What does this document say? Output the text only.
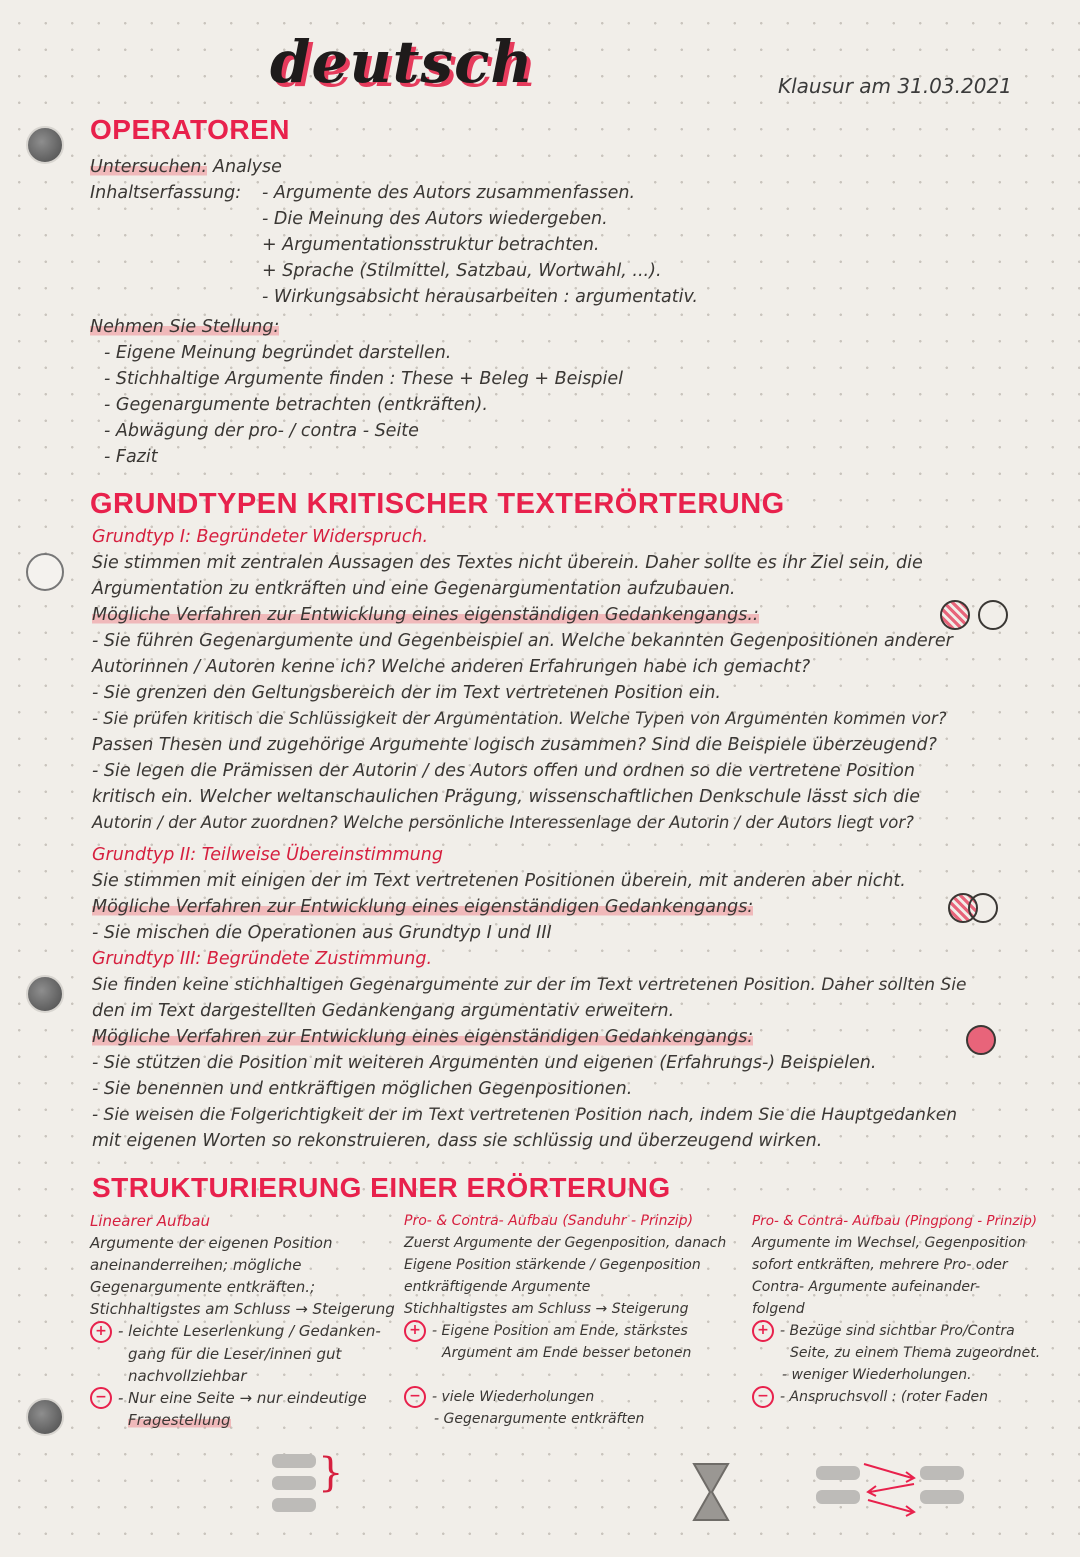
deutsch	Klausur am 31.03.2021
OPERATOREN
Untersuchen: Analyse
Inhaltserfassung: - Argumente des Autors zusammenfassen.
- Die Meinung des Autors wiedergeben.
+ Argumentationsstruktur betrachten.
+ Sprache (Stilmittel, Satzbau, Wortwahl, ...).
- Wirkungsabsicht herausarbeiten : argumentativ.
Nehmen Sie Stellung:
- Eigene Meinung begründet darstellen.
- Stichhaltige Argumente finden : These + Beleg + Beispiel
- Gegenargumente betrachten (entkräften).
- Abwägung der pro- / contra - Seite
- Fazit
GRUNDTYPEN KRITISCHER TEXTERÖRTERUNG
Grundtyp I: Begründeter Widerspruch.
Sie stimmen mit zentralen Aussagen des Textes nicht überein. Daher sollte es ihr Ziel sein, die
Argumentation zu entkräften und eine Gegenargumentation aufzubauen.
Mögliche Verfahren zur Entwicklung eines eigenständigen Gedankengangs.:
- Sie führen Gegenargumente und Gegenbeispiel an. Welche bekannten Gegenpositionen anderer
Autorinnen / Autoren kenne ich? Welche anderen Erfahrungen habe ich gemacht?
- Sie grenzen den Geltungsbereich der im Text vertretenen Position ein.
- Sie prüfen kritisch die Schlüssigkeit der Argumentation. Welche Typen von Argumenten kommen vor?
Passen Thesen und zugehörige Argumente logisch zusammen? Sind die Beispiele überzeugend?
- Sie legen die Prämissen der Autorin / des Autors offen und ordnen so die vertretene Position
kritisch ein. Welcher weltanschaulichen Prägung, wissenschaftlichen Denkschule lässt sich die
Autorin / der Autor zuordnen? Welche persönliche Interessenlage der Autorin / der Autors liegt vor?
Grundtyp II: Teilweise Übereinstimmung
Sie stimmen mit einigen der im Text vertretenen Positionen überein, mit anderen aber nicht.
Mögliche Verfahren zur Entwicklung eines eigenständigen Gedankengangs:
- Sie mischen die Operationen aus Grundtyp I und III
Grundtyp III: Begründete Zustimmung.
Sie finden keine stichhaltigen Gegenargumente zur der im Text vertretenen Position. Daher sollten Sie
den im Text dargestellten Gedankengang argumentativ erweitern.
Mögliche Verfahren zur Entwicklung eines eigenständigen Gedankengangs:
- Sie stützen die Position mit weiteren Argumenten und eigenen (Erfahrungs-) Beispielen.
- Sie benennen und entkräftigen möglichen Gegenpositionen.
- Sie weisen die Folgerichtigkeit der im Text vertretenen Position nach, indem Sie die Hauptgedanken
mit eigenen Worten so rekonstruieren, dass sie schlüssig und überzeugend wirken.
STRUKTURIERUNG EINER ERÖRTERUNG
Linearer Aufbau
Argumente der eigenen Position
aneinanderreihen; mögliche
Gegenargumente entkräften.;
Stichhaltigstes am Schluss → Steigerung
+ - leichte Leserlenkung / Gedanken-
gang für die Leser/innen gut
nachvollziehbar
− - Nur eine Seite → nur eindeutige
Fragestellung
}
Pro- & Contra- Aufbau (Sanduhr - Prinzip)
Zuerst Argumente der Gegenposition, danach
Eigene Position stärkende / Gegenposition
entkräftigende Argumente
Stichhaltigstes am Schluss → Steigerung
+ - Eigene Position am Ende, stärkstes
Argument am Ende besser betonen
− - viele Wiederholungen
- Gegenargumente entkräften
Pro- & Contra- Aufbau (Pingpong - Prinzip)
Argumente im Wechsel, Gegenposition
sofort entkräften, mehrere Pro- oder
Contra- Argumente aufeinander-
folgend
+ - Bezüge sind sichtbar Pro/Contra
Seite, zu einem Thema zugeordnet.
- weniger Wiederholungen.
− - Anspruchsvoll : (roter Faden
